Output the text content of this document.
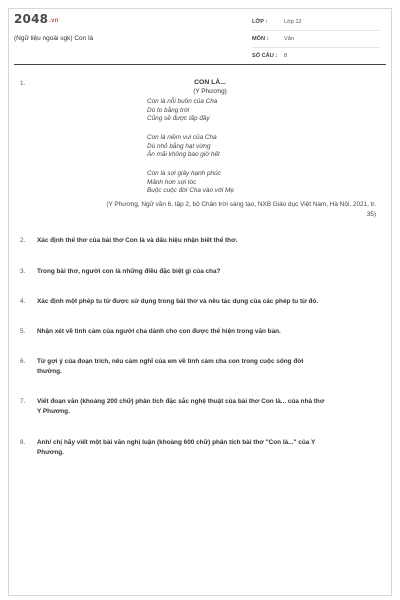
2048.vn
(Ngữ liệu ngoài sgk) Con là
LỚP :	Lớp 12
MÔN :	Văn
SỐ CÂU : 8
1.	CON LÀ...
(Y Phương)
Con là nỗi buồn của Cha
Dù to bằng trời
Cũng sẽ được lấp đầy
Con là niềm vui của Cha
Dù nhỏ bằng hạt vừng
Ăn mãi không bao giờ hết
Con là sợi giây hạnh phúc
Mảnh hơn sợi tóc
Buộc cuộc đời Cha vào với Mẹ
(Y Phương, Ngữ văn 6, tập 2, bộ Chân trời sáng tạo, NXB Giáo dục Việt Nam, Hà Nội, 2021, tr.
35)
2. Xác định thể thơ của bài thơ Con là và dấu hiệu nhận biết thể thơ.
3. Trong bài thơ, người con là những điều đặc biệt gì của cha?
4. Xác định một phép tu từ được sử dụng trong bài thơ và nêu tác dụng của các phép tu từ đó.
5. Nhận xét về tình cảm của người cha dành cho con được thể hiện trong văn bản.
6. Từ gợi ý của đoạn trích, nêu cảm nghĩ của em về tình cảm cha con trong cuộc sống đời
thường.
7. Viết đoạn văn (khoảng 200 chữ) phân tích đặc sắc nghệ thuật của bài thơ Con là... của nhà thơ
Y Phương.
8. Anh/ chị hãy viết một bài văn nghị luận (khoảng 600 chữ) phân tích bài thơ "Con là..." của Y
Phương.
